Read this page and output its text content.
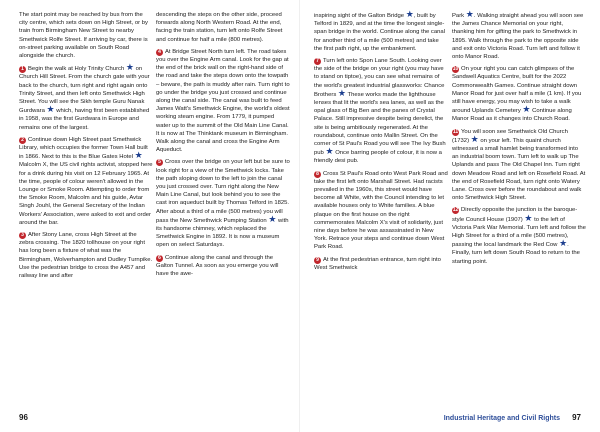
The start point may be reached by bus from the city centre, which sets down on High Street, or by train from Birmingham New Street to nearby Smethwick Rolfe Street. If arriving by car, there is on-street parking available on South Road alongside the church.

1 Begin the walk at Holy Trinity Church ★ on Church Hill Street. From the church gate with your back to the church, turn right and right again onto Trinity Street, and then left onto Smethwick High Street. You will see the Sikh temple Guru Nanak Gurdwara ★ which, having first been established in 1958, was the first Gurdwara in Europe and remains one of the largest.

2 Continue down High Street past Smethwick Library, which occupies the former Town Hall built in 1866. Next to this is the Blue Gates Hotel ★ Malcolm X, the US civil rights activist, stopped here for a drink during his visit on 12 February 1965. At the time, people of colour weren't allowed in the Lounge or Smoke Room. Attempting to order from the Smoke Room, Malcolm and his guide, Avtar Singh Jouhl, the General Secretary of the Indian Workers' Association, were asked to exit and order around the bar.

3 After Stony Lane, cross High Street at the zebra crossing. The 1820 tollhouse on your right has long been a fixture of what was the Birmingham, Wolverhampton and Dudley Turnpike. Use the pedestrian bridge to cross the A457 and railway line and after

descending the steps on the other side, proceed forwards along North Western Road. At the end, facing the train station, turn left onto Rolfe Street and continue for half a mile (800 metres).

4 At Bridge Street North turn left. The road takes you over the Engine Arm canal. Look for the gap at the end of the brick wall on the right-hand side of the road and take the steps down onto the towpath – beware, the path is muddy after rain. Turn right to go under the bridge you just crossed and continue along the canal side. The canal was built to feed James Watt's Smethwick Engine, the world's oldest working steam engine. From 1779, it pumped water up to the summit of the Old Main Line Canal. It is now at The Thinktank museum in Birmingham. Walk along the canal and cross the Engine Arm Aqueduct.

5 Cross over the bridge on your left but be sure to look right for a view of the Smethwick locks. Take the path sloping down to the left to join the canal you just crossed over. Turn right along the New Main Line Canal, but look behind you to see the cast iron aqueduct built by Thomas Telford in 1825. After about a third of a mile (500 metres) you will pass the New Smethwick Pumping Station ★ with its handsome chimney, which replaced the Smethwick Engine in 1892. It is now a museum open on select Saturdays.

6 Continue along the canal and through the Galton Tunnel. As soon as you emerge you will have the awe-

96

inspiring sight of the Galton Bridge ★, built by Telford in 1829, and at the time the longest single-span bridge in the world. Continue along the canal for another third of a mile (500 metres) and take the first path right, up the embankment.

7 Turn left onto Spon Lane South. Looking over the side of the bridge on your right (you may have to stand on tiptoe), you can see what remains of the world's greatest industrial glassworks: Chance Brothers ★ These works made the lighthouse lenses that lit the world's sea lanes, as well as the opal glass of Big Ben and the panes of Crystal Palace. Still impressive despite being derelict, the site is being ambitiously regenerated. At the roundabout, continue onto Mallin Street. On the corner of St Paul's Road you will see The Ivy Bush pub ★ Once barring people of colour, it is now a friendly desi pub.

8 Cross St Paul's Road onto West Park Road and take the first left onto Marshall Street. Had racists prevailed in the 1960s, this street would have become all White, with the Council intending to let available houses only to White families. A blue plaque on the first house on the right commemorates Malcolm X's visit of solidarity, just nine days before he was assassinated in New York. Retrace your steps and continue down West Park Road.

9 At the first pedestrian entrance, turn right into West Smethwick

Park ★. Walking straight ahead you will soon see the James Chance Memorial on your right, thanking him for gifting the park to Smethwick in 1895. Walk through the park to the opposite side and exit onto Victoria Road. Turn left and follow it onto Manor Road.

10 On your right you can catch glimpses of the Sandwell Aquatics Centre, built for the 2022 Commonwealth Games. Continue straight down Manor Road for just over half a mile (1 km). If you still have energy, you may wish to take a walk around Uplands Cemetery ★ Continue along Manor Road as it changes into Church Road.

11 You will soon see Smethwick Old Church (1732) ★ on your left. This quaint church witnessed a small hamlet being transformed into an industrial boom town. Turn left to walk up The Uplands and pass The Old Chapel Inn. Turn right down Meadow Road and left on Rosefield Road. At the end of Rosefield Road, turn right onto Watery Lane. Cross over before the roundabout and walk onto Smethwick High Street.

12 Directly opposite the junction is the baroque-style Council House (1907) ★ to the left of Victoria Park War Memorial. Turn left and follow the High Street for a third of a mile (500 metres), passing the local landmark the Red Cow ★. Finally, turn left down South Road to return to the starting point.

Industrial Heritage and Civil Rights 97
